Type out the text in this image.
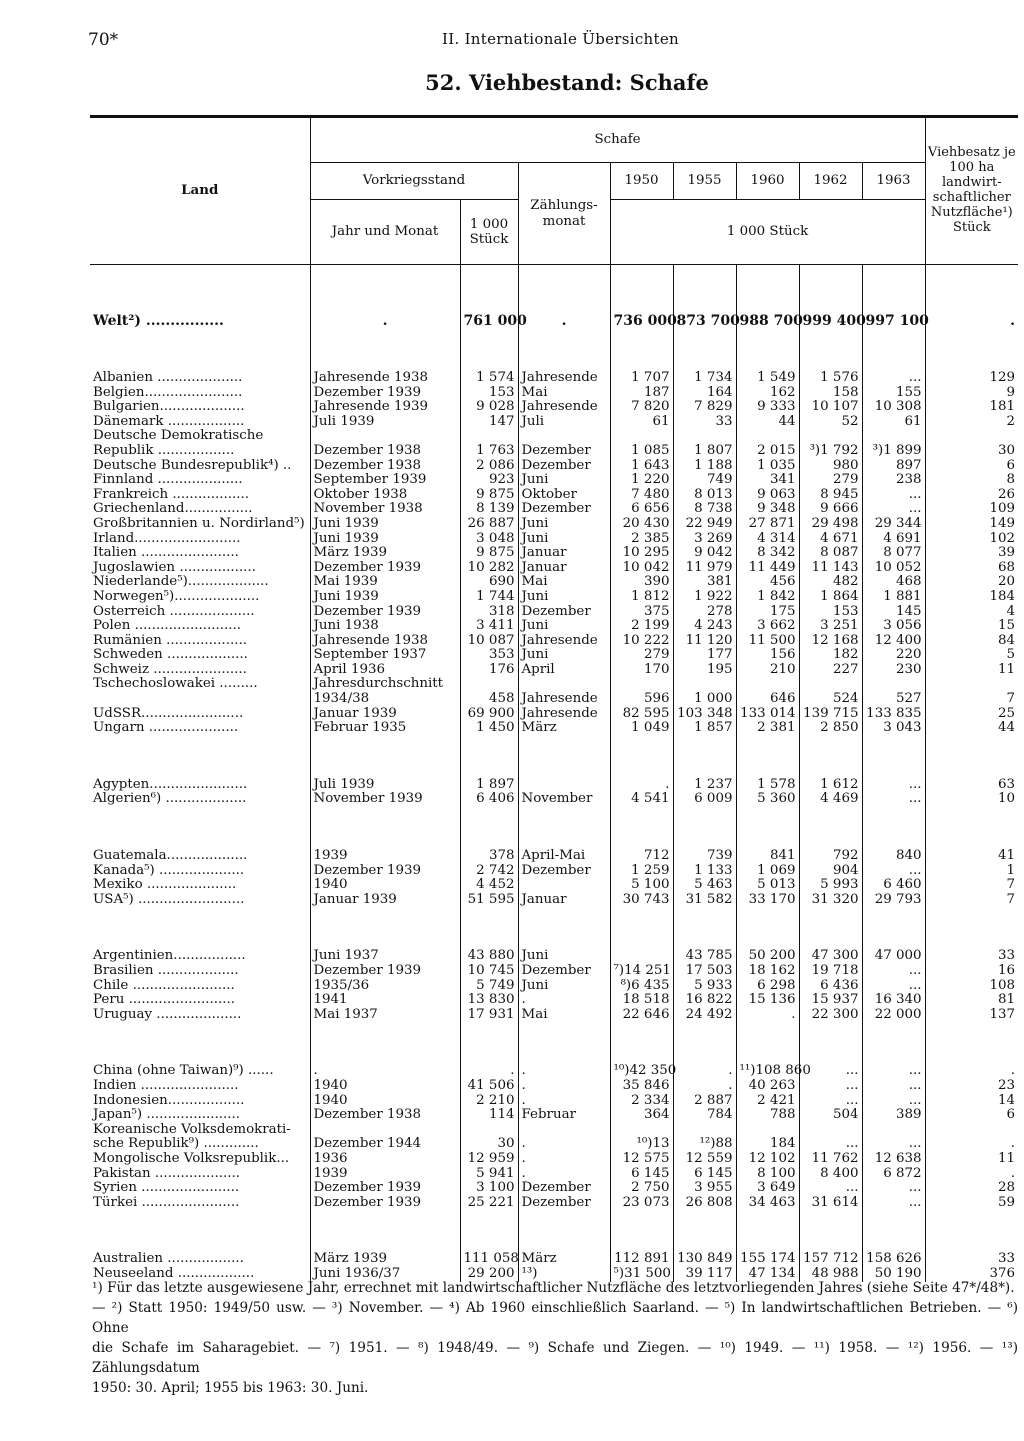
70*	II. Internationale Übersichten
52. Viehbestand: Schafe
Land	Schafe								Viehbesatz je 100 ha landwirt-schaftlicher Nutzfläche¹) Stück
	Vorkriegsstand		Zählungs-monat	1950	1955	1960	1962	1963	
	Jahr und Monat	1 000 Stück		1 000 Stück					

Welt²) ................	.	761 000	.	736 000	873 700	988 700	999 400	997 100	.

Albanien ....................	Jahresende 1938	1 574	Jahresende	1 707	1 734	1 549	1 576	...	129
Belgien.......................	Dezember 1939	153	Mai	187	164	162	158	155	9
Bulgarien....................	Jahresende 1939	9 028	Jahresende	7 820	7 829	9 333	10 107	10 308	181
Dänemark ..................	Juli 1939	147	Juli	61	33	44	52	61	2
Deutsche Demokratische									
Republik ..................	Dezember 1938	1 763	Dezember	1 085	1 807	2 015	³)1 792	³)1 899	30
Deutsche Bundesrepublik⁴) ..	Dezember 1938	2 086	Dezember	1 643	1 188	1 035	980	897	6
Finnland ....................	September 1939	923	Juni	1 220	749	341	279	238	8
Frankreich ..................	Oktober 1938	9 875	Oktober	7 480	8 013	9 063	8 945	...	26
Griechenland................	November 1938	8 139	Dezember	6 656	8 738	9 348	9 666	...	109
Großbritannien u. Nordirland⁵)	Juni 1939	26 887	Juni	20 430	22 949	27 871	29 498	29 344	149
Irland.........................	Juni 1939	3 048	Juni	2 385	3 269	4 314	4 671	4 691	102
Italien .......................	März 1939	9 875	Januar	10 295	9 042	8 342	8 087	8 077	39
Jugoslawien ..................	Dezember 1939	10 282	Januar	10 042	11 979	11 449	11 143	10 052	68
Niederlande⁵)...................	Mai 1939	690	Mai	390	381	456	482	468	20
Norwegen⁵)....................	Juni 1939	1 744	Juni	1 812	1 922	1 842	1 864	1 881	184
Österreich ....................	Dezember 1939	318	Dezember	375	278	175	153	145	4
Polen .........................	Juni 1938	3 411	Juni	2 199	4 243	3 662	3 251	3 056	15
Rumänien ...................	Jahresende 1938	10 087	Jahresende	10 222	11 120	11 500	12 168	12 400	84
Schweden ...................	September 1937	353	Juni	279	177	156	182	220	5
Schweiz ......................	April 1936	176	April	170	195	210	227	230	11
Tschechoslowakei .........	Jahresdurchschnitt								
	1934/38	458	Jahresende	596	1 000	646	524	527	7
UdSSR........................	Januar 1939	69 900	Jahresende	82 595	103 348	133 014	139 715	133 835	25
Ungarn .....................	Februar 1935	1 450	März	1 049	1 857	2 381	2 850	3 043	44

Ägypten.......................	Juli 1939	1 897		.	1 237	1 578	1 612	...	63
Algerien⁶) ...................	November 1939	6 406	November	4 541	6 009	5 360	4 469	...	10

Guatemala...................	1939	378	April-Mai	712	739	841	792	840	41
Kanada⁵) ....................	Dezember 1939	2 742	Dezember	1 259	1 133	1 069	904	...	1
Mexiko .....................	1940	4 452		5 100	5 463	5 013	5 993	6 460	7
USA⁵) .........................	Januar 1939	51 595	Januar	30 743	31 582	33 170	31 320	29 793	7

Argentinien.................	Juni 1937	43 880	Juni		43 785	50 200	47 300	47 000	33
Brasilien ...................	Dezember 1939	10 745	Dezember	⁷)14 251	17 503	18 162	19 718	...	16
Chile ........................	1935/36	5 749	Juni	⁸)6 435	5 933	6 298	6 436	...	108
Peru .........................	1941	13 830	.	18 518	16 822	15 136	15 937	16 340	81
Uruguay ....................	Mai 1937	17 931	Mai	22 646	24 492	.	22 300	22 000	137

China (ohne Taiwan)⁹) ......	.	.	.	¹⁰)42 350	.	¹¹)108 860	...	...	.
Indien .......................	1940	41 506	.	35 846	.	40 263	...	...	23
Indonesien..................	1940	2 210	.	2 334	2 887	2 421	...	...	14
Japan⁵) ......................	Dezember 1938	114	Februar	364	784	788	504	389	6
Koreanische Volksdemokrati-									
sche Republik⁹) .............	Dezember 1944	30	.	¹⁰)13	¹²)88	184	...	...	.
Mongolische Volksrepublik...	1936	12 959	.	12 575	12 559	12 102	11 762	12 638	11
Pakistan ....................	1939	5 941	.	6 145	6 145	8 100	8 400	6 872	.
Syrien .......................	Dezember 1939	3 100	Dezember	2 750	3 955	3 649	...	...	28
Türkei .......................	Dezember 1939	25 221	Dezember	23 073	26 808	34 463	31 614	...	59

Australien ..................	März 1939	111 058	März	112 891	130 849	155 174	157 712	158 626	33
Neuseeland ..................	Juni 1936/37	29 200	¹³)	⁵)31 500	39 117	47 134	48 988	50 190	376
¹) Für das letzte ausgewiesene Jahr, errechnet mit landwirtschaftlicher Nutzfläche des letztvorliegenden Jahres (siehe Seite 47*/48*).
— ²) Statt 1950: 1949/50 usw. — ³) November. — ⁴) Ab 1960 einschließlich Saarland. — ⁵) In landwirtschaftlichen Betrieben. — ⁶) Ohne
die Schafe im Saharagebiet. — ⁷) 1951. — ⁸) 1948/49. — ⁹) Schafe und Ziegen. — ¹⁰) 1949. — ¹¹) 1958. — ¹²) 1956. — ¹³) Zählungsdatum
1950: 30. April; 1955 bis 1963: 30. Juni.
